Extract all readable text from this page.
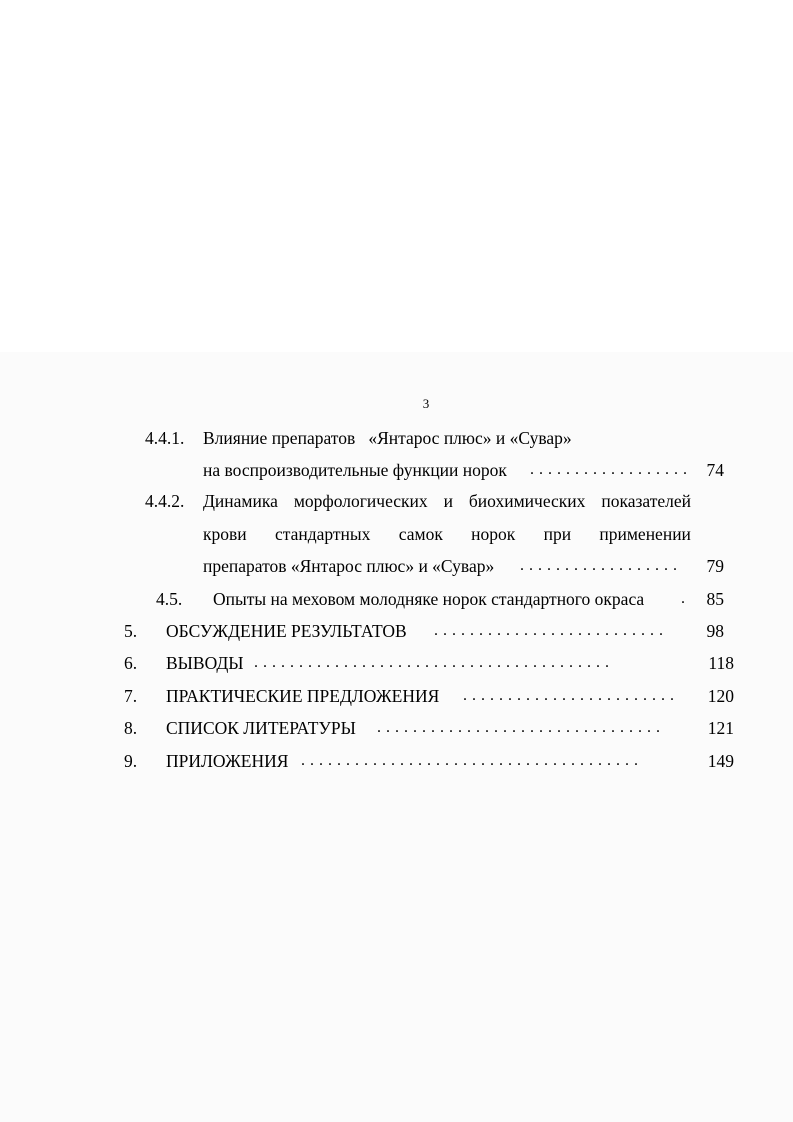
3
4.4.1. Влияние препаратов   «Янтарос плюс» и «Сувар»
на воспроизводительные функции норок . . . . . . . . . . . . . . . . . .	74
4.4.2. Динамика морфологических и биохимических показателей
крови стандартных самок норок при применении
препаратов «Янтарос плюс» и «Сувар» . . . . . . . . . . . . . . . . . .	79
4.5. Опыты на меховом молодняке норок стандартного окраса .	85
5. ОБСУЖДЕНИЕ РЕЗУЛЬТАТОВ . . . . . . . . . . . . . . . . . . . . . . . . . .	98
6. ВЫВОДЫ . . . . . . . . . . . . . . . . . . . . . . . . . . . . . . . . . . . . . . . .	118
7. ПРАКТИЧЕСКИЕ ПРЕДЛОЖЕНИЯ . . . . . . . . . . . . . . . . . . . . . . . .	120
8. СПИСОК ЛИТЕРАТУРЫ . . . . . . . . . . . . . . . . . . . . . . . . . . . . . . . .	121
9. ПРИЛОЖЕНИЯ . . . . . . . . . . . . . . . . . . . . . . . . . . . . . . . . . . . . . .	149
